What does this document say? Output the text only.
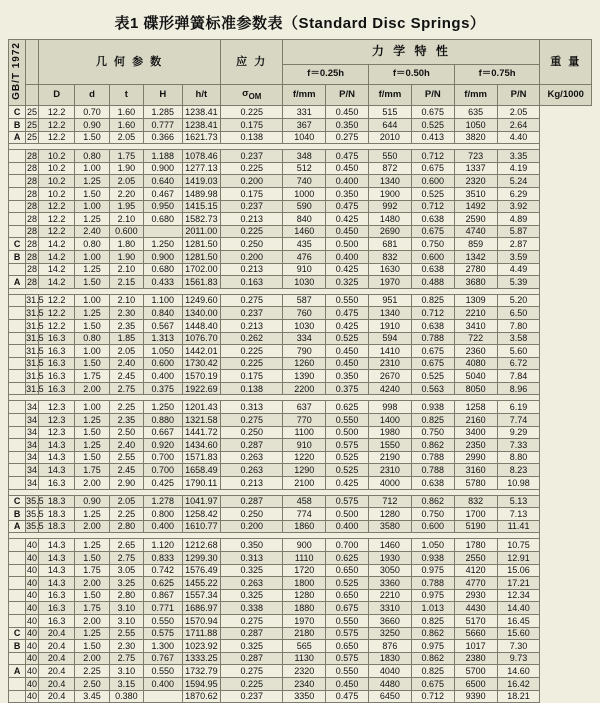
表1 碟形弹簧标准参数表（Standard Disc Springs）
GB/T 1972		几 何 参 数					应 力	力 学 特 性						重 量
								f＝0.25h		f＝0.50h		f＝0.75h		
		D	d	t	H	h/t	$\sigma_{OM}$	f/mm	P/N	f/mm	P/N	f/mm	P/N	Kg/1000
C	25	12.2	0.70	1.60	1.285	1238.41	0.225	331	0.450	515	0.675	635	2.05	
B	25	12.2	0.90	1.60	0.777	1238.41	0.175	367	0.350	644	0.525	1050	2.64	
A	25	12.2	1.50	2.05	0.366	1621.73	0.138	1040	0.275	2010	0.413	3820	4.40	

	28	10.2	0.80	1.75	1.188	1078.46	0.237	348	0.475	550	0.712	723	3.35	
	28	10.2	1.00	1.90	0.900	1277.13	0.225	512	0.450	872	0.675	1337	4.19	
	28	10.2	1.25	2.05	0.640	1419.03	0.200	740	0.400	1340	0.600	2320	5.24	
	28	10.2	1.50	2.20	0.467	1489.98	0.175	1000	0.350	1900	0.525	3510	6.29	
	28	12.2	1.00	1.95	0.950	1415.15	0.237	590	0.475	992	0.712	1492	3.92	
	28	12.2	1.25	2.10	0.680	1582.73	0.213	840	0.425	1480	0.638	2590	4.89	
	28	12.2	2.40	0.600		2011.00	0.225	1460	0.450	2690	0.675	4740	5.87	
C	28	14.2	0.80	1.80	1.250	1281.50	0.250	435	0.500	681	0.750	859	2.87	
B	28	14.2	1.00	1.90	0.900	1281.50	0.200	476	0.400	832	0.600	1342	3.59	
	28	14.2	1.25	2.10	0.680	1702.00	0.213	910	0.425	1630	0.638	2780	4.49	
A	28	14.2	1.50	2.15	0.433	1561.83	0.163	1030	0.325	1970	0.488	3680	5.39	

	31.5	12.2	1.00	2.10	1.100	1249.60	0.275	587	0.550	951	0.825	1309	5.20	
	31.5	12.2	1.25	2.30	0.840	1340.00	0.237	760	0.475	1340	0.712	2210	6.50	
	31.5	12.2	1.50	2.35	0.567	1448.40	0.213	1030	0.425	1910	0.638	3410	7.80	
	31.5	16.3	0.80	1.85	1.313	1076.70	0.262	334	0.525	594	0.788	722	3.58	
	31.5	16.3	1.00	2.05	1.050	1442.01	0.225	790	0.450	1410	0.675	2360	5.60	
	31.5	16.3	1.50	2.40	0.600	1730.42	0.225	1260	0.450	2310	0.675	4080	6.72	
	31.5	16.3	1.75	2.45	0.400	1570.19	0.175	1390	0.350	2670	0.525	5040	7.84	
	31.5	16.3	2.00	2.75	0.375	1922.69	0.138	2200	0.375	4240	0.563	8050	8.96	

	34	12.3	1.00	2.25	1.250	1201.43	0.313	637	0.625	998	0.938	1258	6.19	
	34	12.3	1.25	2.35	0.880	1321.58	0.275	770	0.550	1400	0.825	2160	7.74	
	34	12.3	1.50	2.50	0.667	1441.72	0.250	1100	0.500	1980	0.750	3400	9.29	
	34	14.3	1.25	2.40	0.920	1434.60	0.287	910	0.575	1550	0.862	2350	7.33	
	34	14.3	1.50	2.55	0.700	1571.83	0.263	1220	0.525	2190	0.788	2990	8.80	
	34	14.3	1.75	2.45	0.700	1658.49	0.263	1290	0.525	2310	0.788	3160	8.23	
	34	16.3	2.00	2.90	0.425	1790.11	0.213	2100	0.425	4000	0.638	5780	10.98	

C	35.5	18.3	0.90	2.05	1.278	1041.97	0.287	458	0.575	712	0.862	832	5.13	
B	35.5	18.3	1.25	2.25	0.800	1258.42	0.250	774	0.500	1280	0.750	1700	7.13	
A	35.5	18.3	2.00	2.80	0.400	1610.77	0.200	1860	0.400	3580	0.600	5190	11.41	

	40	14.3	1.25	2.65	1.120	1212.68	0.350	900	0.700	1460	1.050	1780	10.75	
	40	14.3	1.50	2.75	0.833	1299.30	0.313	1110	0.625	1930	0.938	2550	12.91	
	40	14.3	1.75	3.05	0.742	1576.49	0.325	1720	0.650	3050	0.975	4120	15.06	
	40	14.3	2.00	3.25	0.625	1455.22	0.263	1800	0.525	3360	0.788	4770	17.21	
	40	16.3	1.50	2.80	0.867	1557.34	0.325	1280	0.650	2210	0.975	2930	12.34	
	40	16.3	1.75	3.10	0.771	1686.97	0.338	1880	0.675	3310	1.013	4430	14.40	
	40	16.3	2.00	3.10	0.550	1570.94	0.275	1970	0.550	3660	0.825	5170	16.45	
C	40	20.4	1.25	2.55	0.575	1711.88	0.287	2180	0.575	3250	0.862	5660	15.60	
B	40	20.4	1.50	2.30	1.300	1023.92	0.325	565	0.650	876	0.975	1017	7.30	
	40	20.4	2.00	2.75	0.767	1333.25	0.287	1130	0.575	1830	0.862	2380	9.73	
A	40	20.4	2.25	3.10	0.550	1732.79	0.275	2320	0.550	4040	0.825	5700	14.60	
	40	20.4	2.50	3.15	0.400	1594.95	0.225	2340	0.450	4480	0.675	6500	16.42	
	40	20.4	3.45	0.380		1870.62	0.237	3350	0.475	6450	0.712	9390	18.21	
